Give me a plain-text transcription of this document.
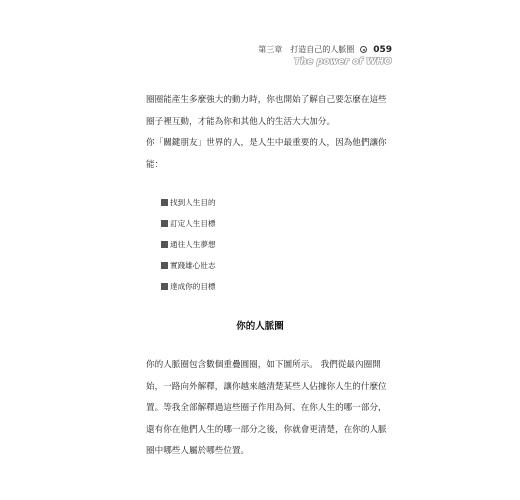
第三章　打造自己的人脈圈 059
The power of WHO

圈圈能產生多麼強大的動力時，你也開始了解自己要怎麼在這些圈子裡互動，才能為你和其他人的生活大大加分。

你「關鍵朋友」世界的人，是人生中最重要的人，因為他們讓你能：

找到人生目的
訂定人生目標
通往人生夢想
實踐雄心壯志
達成你的目標
你的人脈圈

你的人脈圈包含數個重疊圓圈，如下圖所示。 我們從最內圈開始，一路向外解釋，讓你越來越清楚某些人佔據你人生的什麼位置。等我全部解釋過這些圈子作用為何、在你人生的哪一部分，還有你在他們人生的哪一部分之後，你就會更清楚，在你的人脈圈中哪些人屬於哪些位置。
